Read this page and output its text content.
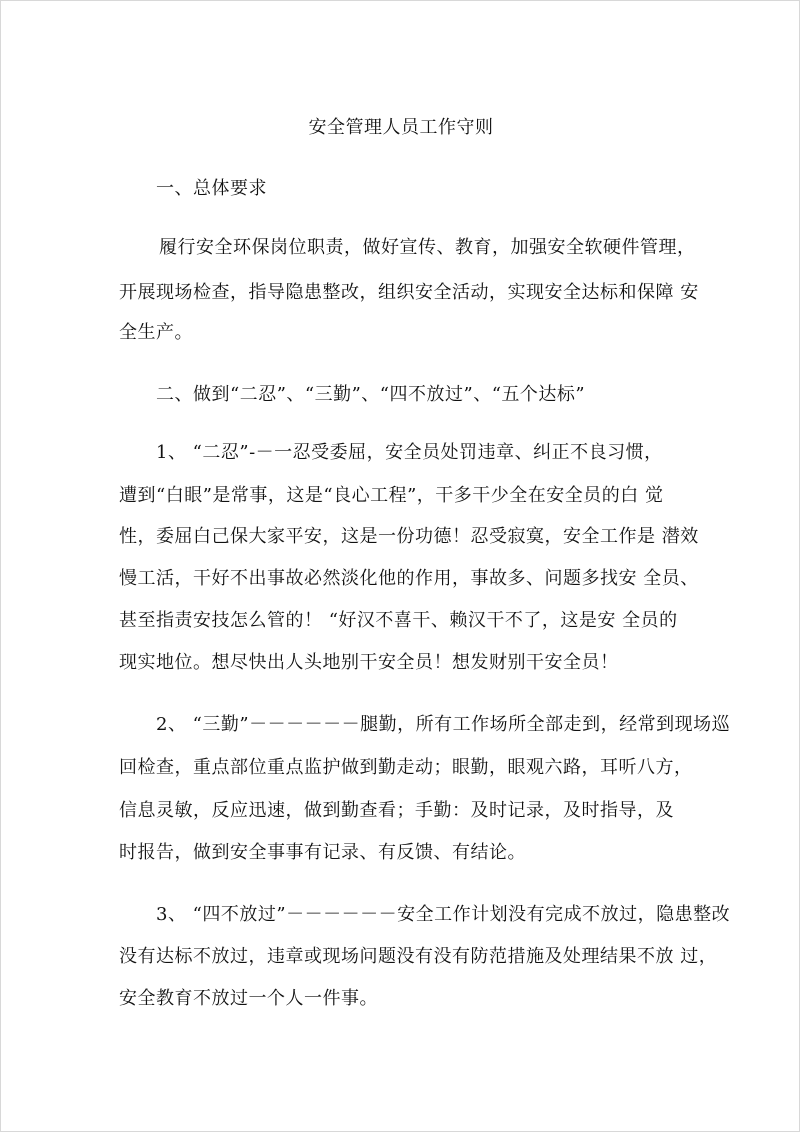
安全管理人员工作守则
一、总体要求
履行安全环保岗位职责，做好宣传、教育，加强安全软硬件管理，
开展现场检查，指导隐患整改，组织安全活动，实现安全达标和保障 安
全生产。
二、做到“二忍”、“三勤”、“四不放过”、“五个达标”
1、 “二忍”-－一忍受委屈，安全员处罚违章、纠正不良习惯，
遭到“白眼”是常事，这是“良心工程”，干多干少全在安全员的白 觉
性，委屈白己保大家平安，这是一份功德！忍受寂寞，安全工作是 潜效
慢工活，干好不出事故必然淡化他的作用，事故多、问题多找安 全员、
甚至指责安技怎么管的！ “好汉不喜干、赖汉干不了，这是安 全员的
现实地位。想尽快出人头地别干安全员！想发财别干安全员！
2、 “三勤”－－－－－－腿勤，所有工作场所全部走到，经常到现场巡
回检查，重点部位重点监护做到勤走动；眼勤，眼观六路，耳听八方，
信息灵敏，反应迅速，做到勤查看；手勤：及时记录，及时指导，及
时报告，做到安全事事有记录、有反馈、有结论。
3、 “四不放过”－－－－－－安全工作计划没有完成不放过，隐患整改
没有达标不放过，违章或现场问题没有没有防范措施及处理结果不放 过，
安全教育不放过一个人一件事。
